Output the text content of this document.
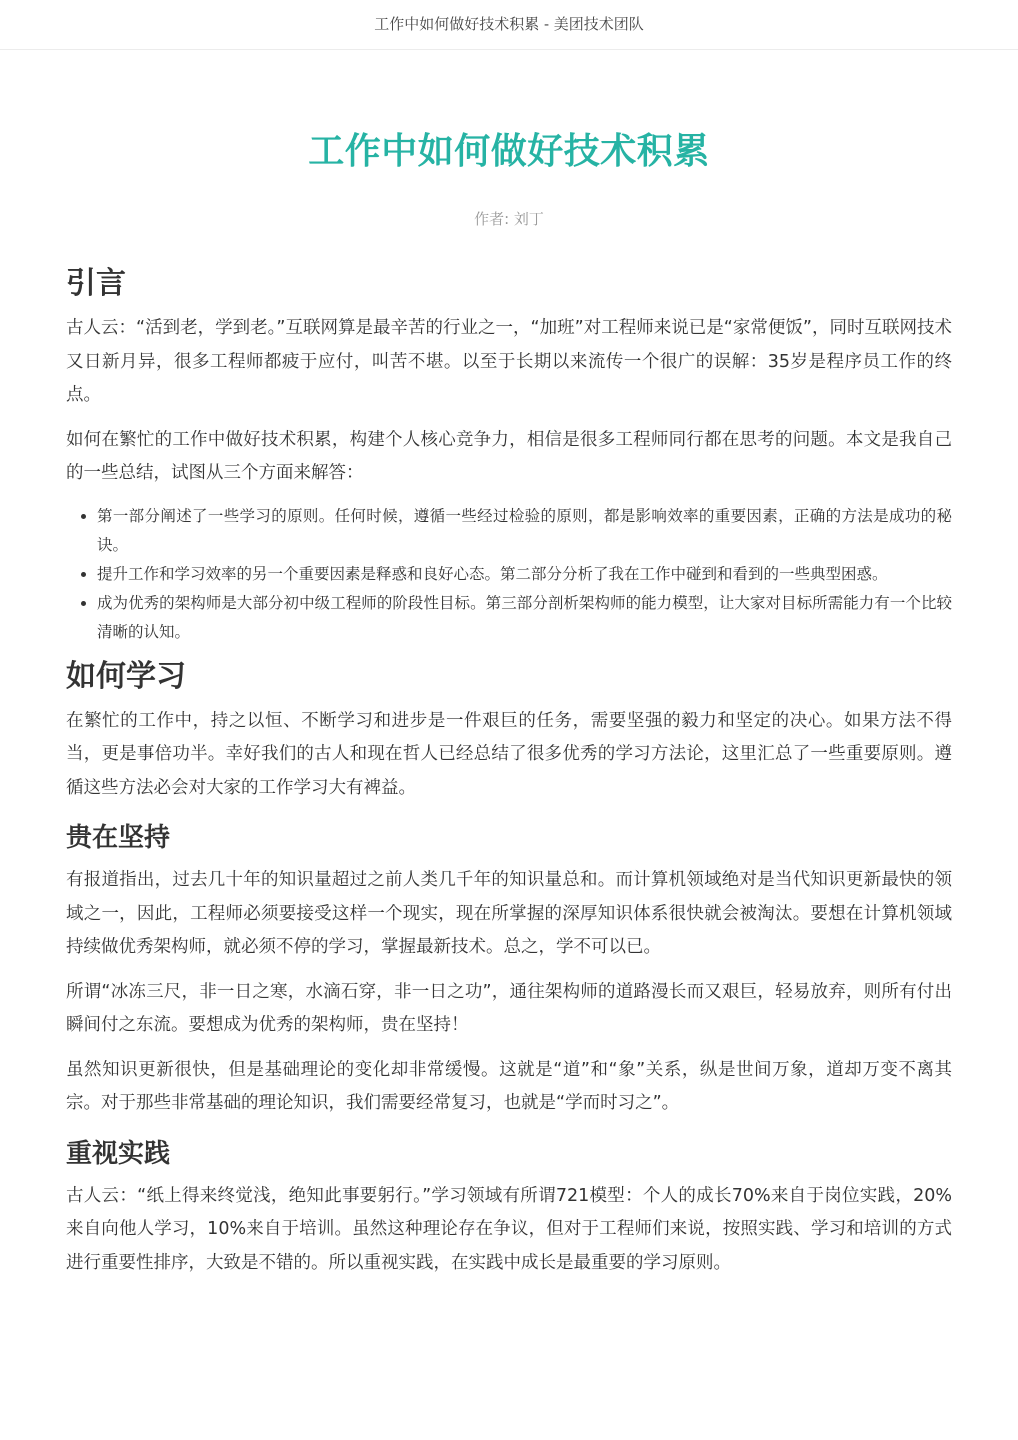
工作中如何做好技术积累 - 美团技术团队
工作中如何做好技术积累
作者: 刘丁
引言

古人云：“活到老，学到老。”互联网算是最辛苦的行业之一，“加班”对工程师来说已是“家常便饭”，同时互联网技术又日新月异，很多工程师都疲于应付，叫苦不堪。以至于长期以来流传一个很广的误解：35岁是程序员工作的终点。

如何在繁忙的工作中做好技术积累，构建个人核心竞争力，相信是很多工程师同行都在思考的问题。本文是我自己的一些总结，试图从三个方面来解答：

• 第一部分阐述了一些学习的原则。任何时候，遵循一些经过检验的原则，都是影响效率的重要因素，正确的方法是成功的秘诀。
• 提升工作和学习效率的另一个重要因素是释惑和良好心态。第二部分分析了我在工作中碰到和看到的一些典型困惑。
• 成为优秀的架构师是大部分初中级工程师的阶段性目标。第三部分剖析架构师的能力模型，让大家对目标所需能力有一个比较清晰的认知。
如何学习

在繁忙的工作中，持之以恒、不断学习和进步是一件艰巨的任务，需要坚强的毅力和坚定的决心。如果方法不得当，更是事倍功半。幸好我们的古人和现在哲人已经总结了很多优秀的学习方法论，这里汇总了一些重要原则。遵循这些方法必会对大家的工作学习大有裨益。

贵在坚持

有报道指出，过去几十年的知识量超过之前人类几千年的知识量总和。而计算机领域绝对是当代知识更新最快的领域之一，因此，工程师必须要接受这样一个现实，现在所掌握的深厚知识体系很快就会被淘汰。要想在计算机领域持续做优秀架构师，就必须不停的学习，掌握最新技术。总之，学不可以已。

所谓“冰冻三尺，非一日之寒，水滴石穿，非一日之功”，通往架构师的道路漫长而又艰巨，轻易放弃，则所有付出瞬间付之东流。要想成为优秀的架构师，贵在坚持！

虽然知识更新很快，但是基础理论的变化却非常缓慢。这就是“道”和“象”关系，纵是世间万象，道却万变不离其宗。对于那些非常基础的理论知识，我们需要经常复习，也就是“学而时习之”。

重视实践

古人云：“纸上得来终觉浅，绝知此事要躬行。”学习领域有所谓721模型：个人的成长70%来自于岗位实践，20%来自向他人学习，10%来自于培训。虽然这种理论存在争议，但对于工程师们来说，按照实践、学习和培训的方式进行重要性排序，大致是不错的。所以重视实践，在实践中成长是最重要的学习原则。
